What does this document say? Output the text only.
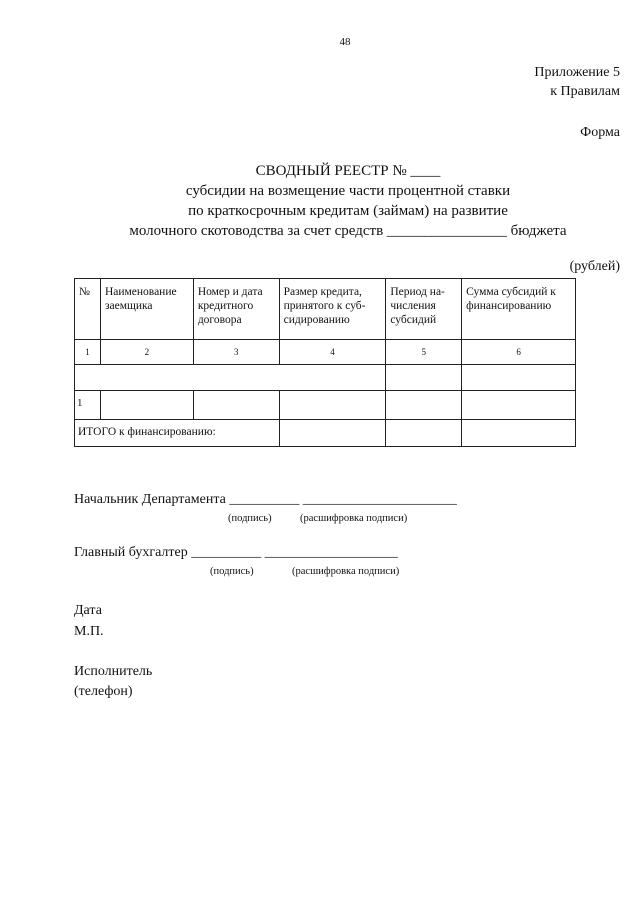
48
Приложение 5
к Правилам
Форма
СВОДНЫЙ РЕЕСТР № ____
субсидии на возмещение части процентной ставки
по краткосрочным кредитам (займам) на развитие
молочного скотоводства за счет средств ________________ бюджета
(рублей)
№	Наименование заемщика	Номер и дата кредитного договора	Размер кредита, принятого к суб-сидированию	Период на-числения субсидий	Сумма субсидий к финансированию
1	2	3	4	5	6

1					
ИТОГО к финансированию:					
Начальник Департамента __________ ______________________
(подпись)	(расшифровка подписи)
Главный бухгалтер __________ ___________________
(подпись)	(расшифровка подписи)
Дата
М.П.
Исполнитель
(телефон)
